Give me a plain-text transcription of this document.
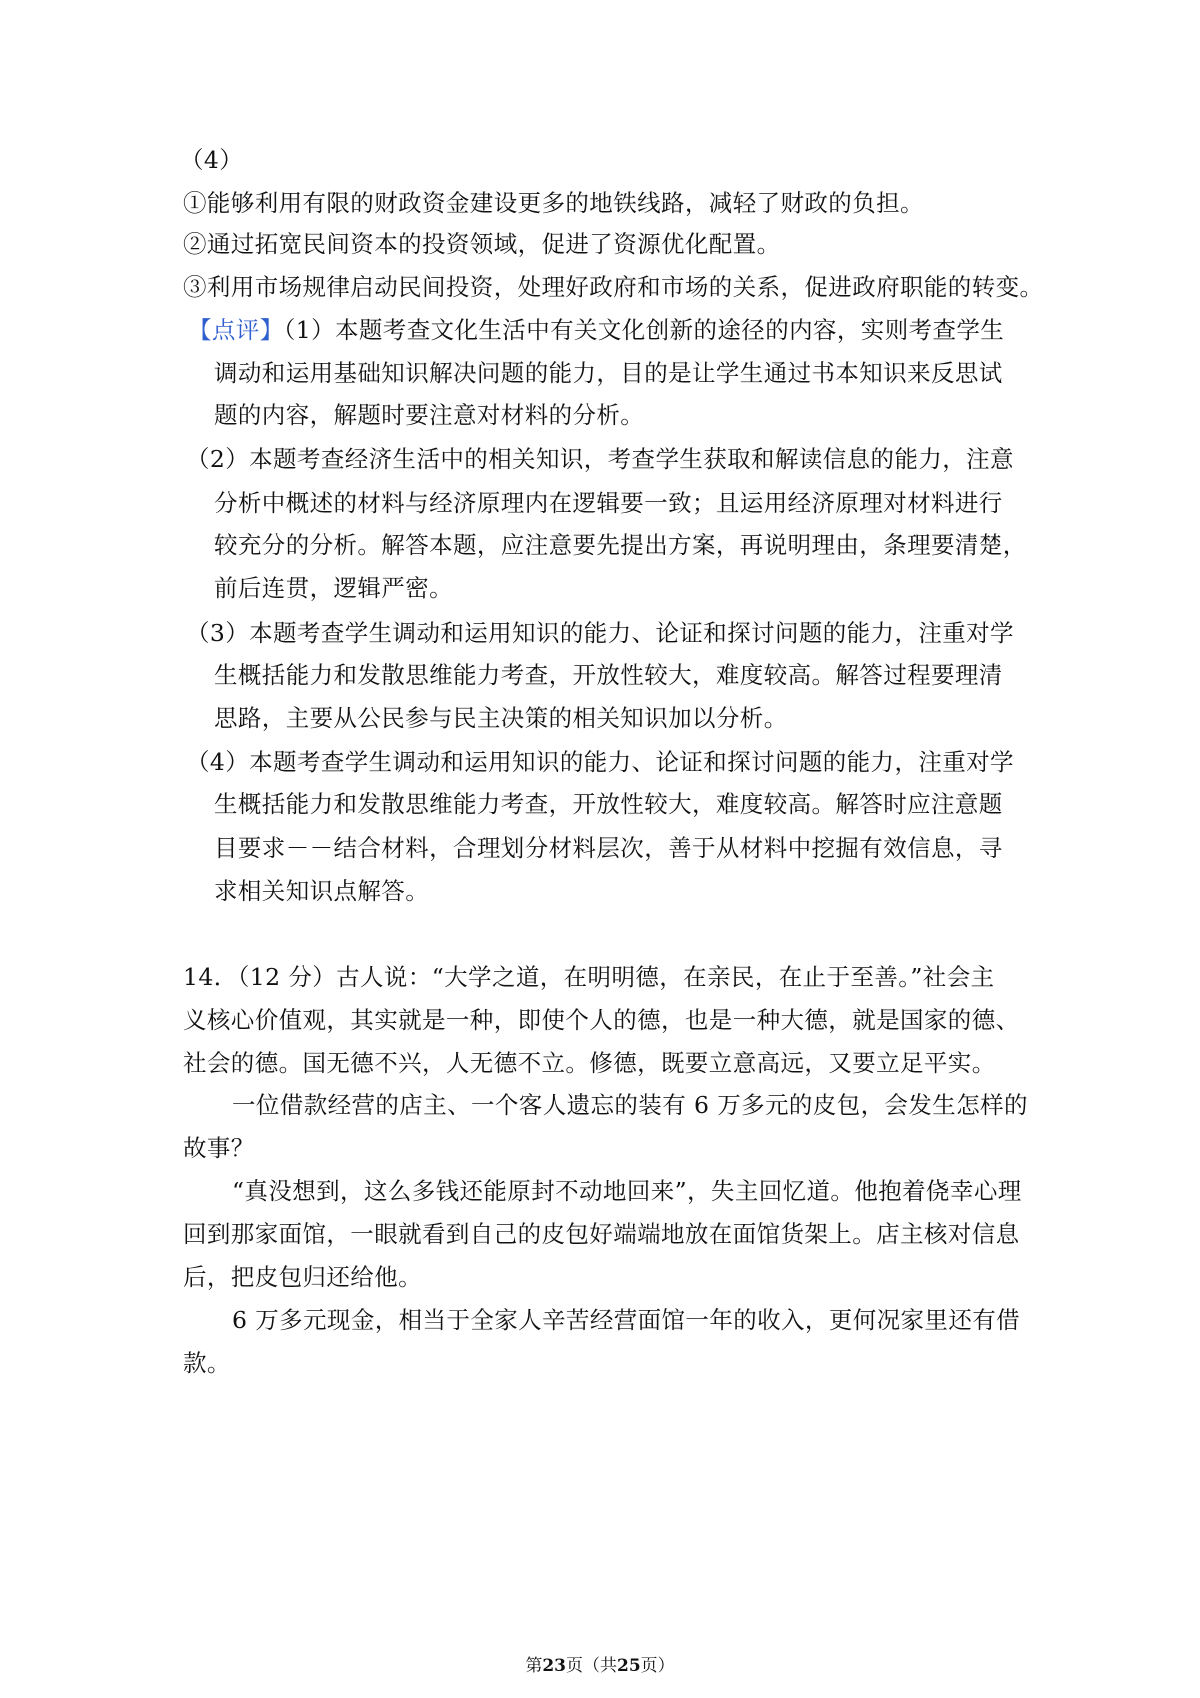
（4）
①能够利用有限的财政资金建设更多的地铁线路，减轻了财政的负担。
②通过拓宽民间资本的投资领域，促进了资源优化配置。
③利用市场规律启动民间投资，处理好政府和市场的关系，促进政府职能的转变。
【点评】（1）本题考查文化生活中有关文化创新的途径的内容，实则考查学生
调动和运用基础知识解决问题的能力，目的是让学生通过书本知识来反思试
题的内容，解题时要注意对材料的分析。
（2）本题考查经济生活中的相关知识，考查学生获取和解读信息的能力，注意
分析中概述的材料与经济原理内在逻辑要一致；且运用经济原理对材料进行
较充分的分析。解答本题，应注意要先提出方案，再说明理由，条理要清楚，
前后连贯，逻辑严密。
（3）本题考查学生调动和运用知识的能力、论证和探讨问题的能力，注重对学
生概括能力和发散思维能力考查，开放性较大，难度较高。解答过程要理清
思路，主要从公民参与民主决策的相关知识加以分析。
（4）本题考查学生调动和运用知识的能力、论证和探讨问题的能力，注重对学
生概括能力和发散思维能力考查，开放性较大，难度较高。解答时应注意题
目要求－－结合材料，合理划分材料层次，善于从材料中挖掘有效信息，寻
求相关知识点解答。
14．（12 分）古人说：“大学之道，在明明德，在亲民，在止于至善。”社会主
义核心价值观，其实就是一种，即使个人的德，也是一种大德，就是国家的德、
社会的德。国无德不兴，人无德不立。修德，既要立意高远，又要立足平实。
一位借款经营的店主、一个客人遗忘的装有 6 万多元的皮包，会发生怎样的
故事？
“真没想到，这么多钱还能原封不动地回来”，失主回忆道。他抱着侥幸心理
回到那家面馆，一眼就看到自己的皮包好端端地放在面馆货架上。店主核对信息
后，把皮包归还给他。
6 万多元现金，相当于全家人辛苦经营面馆一年的收入，更何况家里还有借
款。
第23页（共25页）
